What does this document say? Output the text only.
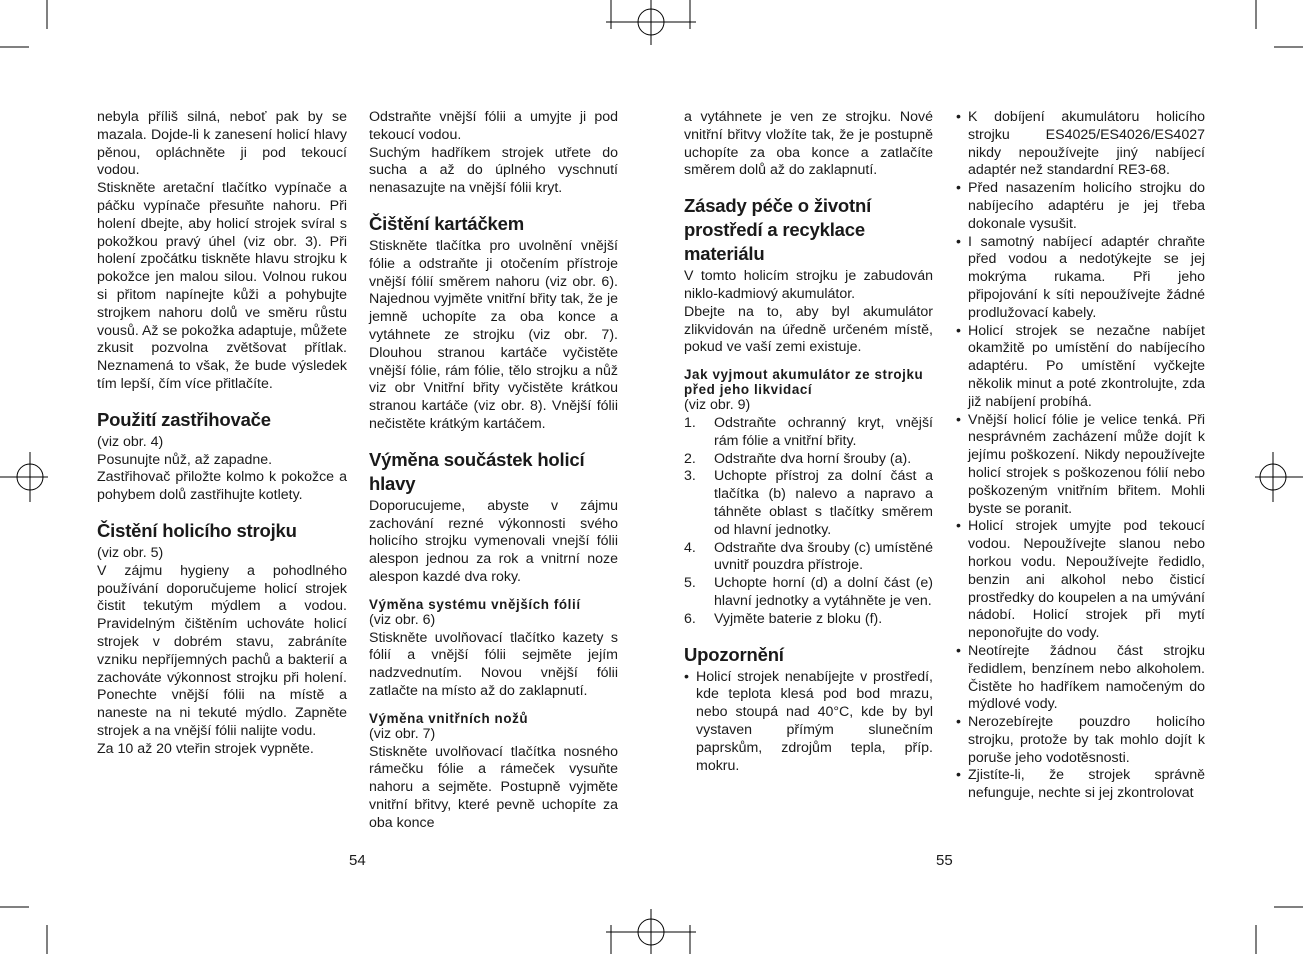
nebyla příliš silná, neboť pak by se mazala. Dojde-li k zanesení holicí hlavy pěnou, opláchněte ji pod tekoucí vodou.

Stiskněte aretační tlačítko vypínače a páčku vypínače přesuňte nahoru. Při holení dbejte, aby holicí strojek svíral s pokožkou pravý úhel (viz obr. 3). Při holení zpočátku tiskněte hlavu strojku k pokožce jen malou silou. Volnou rukou si přitom napínejte kůži a pohybujte strojkem nahoru dolů ve směru růstu vousů. Až se pokožka adaptuje, můžete zkusit pozvolna zvětšovat přítlak. Neznamená to však, že bude výsledek tím lepší, čím více přitlačíte.

Použití zastřihovače

(viz obr. 4)

Posunujte nůž, až zapadne.

Zastřihovač přiložte kolmo k pokožce a pohybem dolů zastřihujte kotlety.

Čistění holicího strojku

(viz obr. 5)

V zájmu hygieny a pohodlného používání doporučujeme holicí strojek čistit tekutým mýdlem a vodou. Pravidelným čištěním uchováte holicí strojek v dobrém stavu, zabráníte vzniku nepříjemných pachů a bakterií a zachováte výkonnost strojku při holení. Ponechte vnější fólii na místě a naneste na ni tekuté mýdlo. Zapněte strojek a na vnější fólii nalijte vodu.

Za 10 až 20 vteřin strojek vypněte.

Odstraňte vnější fólii a umyjte ji pod tekoucí vodou.

Suchým hadříkem strojek utřete do sucha a až do úplného vyschnutí nenasazujte na vnější fólii kryt.

Čištění kartáčkem

Stiskněte tlačítka pro uvolnění vnější fólie a odstraňte ji otočením přístroje vnější fólií směrem nahoru (viz obr. 6). Najednou vyjměte vnitřní břity tak, že je jemně uchopíte za oba konce a vytáhnete ze strojku (viz obr. 7). Dlouhou stranou kartáče vyčistěte vnější fólie, rám fólie, tělo strojku a nůž viz obr Vnitřní břity vyčistěte krátkou stranou kartáče (viz obr. 8). Vnější fólii nečistěte krátkým kartáčem.

Výměna součástek holicí hlavy

Doporucujeme, abyste v zájmu zachování rezné výkonnosti svého holicího strojku vymenovali vnejší fólii alespon jednou za rok a vnitrní noze alespon kazdé dva roky.

Výměna systému vnějších fólií

(viz obr. 6)

Stiskněte uvolňovací tlačítko kazety s fólií a vnější fólii sejměte jejím nadzvednutím. Novou vnější fólii zatlačte na místo až do zaklapnutí.

Výměna vnitřních nožů

(viz obr. 7)

Stiskněte uvolňovací tlačítka nosného rámečku fólie a rámeček vysuňte nahoru a sejměte. Postupně vyjměte vnitřní břitvy, které pevně uchopíte za oba konce

a vytáhnete je ven ze strojku. Nové vnitřní břitvy vložíte tak, že je postupně uchopíte za oba konce a zatlačíte směrem dolů až do zaklapnutí.

Zásady péče o životní prostředí a recyklace materiálu

V tomto holicím strojku je zabudován niklo-kadmiový akumulátor.

Dbejte na to, aby byl akumulátor zlikvidován na úředně určeném místě, pokud ve vaší zemi existuje.

Jak vyjmout akumulátor ze strojku před jeho likvidací

(viz obr. 9)

1. Odstraňte ochranný kryt, vnější rám fólie a vnitřní břity.
2. Odstraňte dva horní šrouby (a).
3. Uchopte přístroj za dolní část a tlačítka (b) nalevo a napravo a táhněte oblast s tlačítky směrem od hlavní jednotky.
4. Odstraňte dva šrouby (c) umístěné uvnitř pouzdra přístroje.
5. Uchopte horní (d) a dolní část (e) hlavní jednotky a vytáhněte je ven.
6. Vyjměte baterie z bloku (f).
Upozornění
• Holicí strojek nenabíjejte v prostředí, kde teplota klesá pod bod mrazu, nebo stoupá nad 40°C, kde by byl vystaven přímým slunečním paprskům, zdrojům tepla, příp. mokru.
• K dobíjení akumulátoru holicího strojku ES4025/ES4026/ES4027 nikdy nepoužívejte jiný nabíjecí adaptér než standardní RE3-68.
• Před nasazením holicího strojku do nabíjecího adaptéru je jej třeba dokonale vysušit.
• I samotný nabíjecí adaptér chraňte před vodou a nedotýkejte se jej mokrýma rukama. Při jeho připojování k síti nepoužívejte žádné prodlužovací kabely.
• Holicí strojek se nezačne nabíjet okamžitě po umístění do nabíjecího adaptéru. Po umístění vyčkejte několik minut a poté zkontrolujte, zda již nabíjení probíhá.
• Vnější holicí fólie je velice tenká. Při nesprávném zacházení může dojít k jejímu poškození. Nikdy nepoužívejte holicí strojek s poškozenou fólií nebo poškozeným vnitřním břitem. Mohli byste se poranit.
• Holicí strojek umyjte pod tekoucí vodou. Nepoužívejte slanou nebo horkou vodu. Nepoužívejte ředidlo, benzin ani alkohol nebo čisticí prostředky do koupelen a na umývání nádobí. Holicí strojek při mytí neponořujte do vody.
• Neotírejte žádnou část strojku ředidlem, benzínem nebo alkoholem. Čistěte ho hadříkem namočeným do mýdlové vody.
• Nerozebírejte pouzdro holicího strojku, protože by tak mohlo dojít k poruše jeho vodotěsnosti.
• Zjistíte-li, že strojek správně nefunguje, nechte si jej zkontrolovat
54	55
